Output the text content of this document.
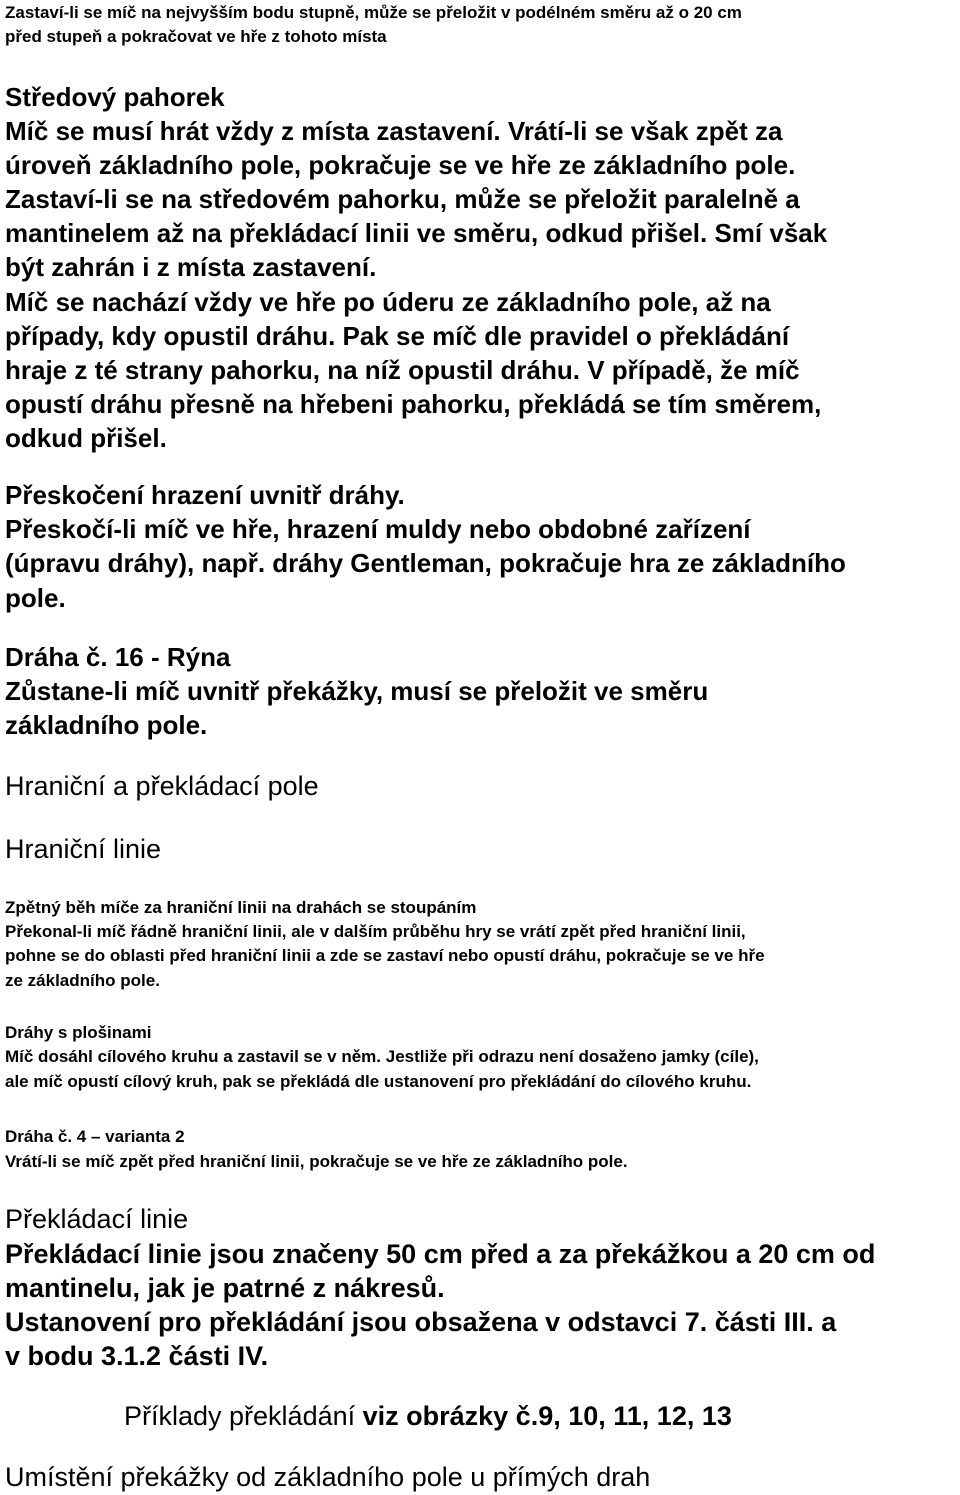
Zastaví-li se míč na nejvyšším bodu stupně, může se přeložit v podélném směru až o 20 cm
před stupeň a pokračovat ve hře z tohoto místa
Středový pahorek
Míč se musí hrát vždy z místa zastavení. Vrátí-li se však zpět za
úroveň základního pole, pokračuje se ve hře ze základního pole.
Zastaví-li se na středovém pahorku, může se přeložit paralelně a
mantinelem až na překládací linii ve směru, odkud přišel. Smí však
být zahrán i z místa zastavení.
Míč se nachází vždy ve hře po úderu ze základního pole, až na
případy, kdy opustil dráhu. Pak se míč dle pravidel o překládání
hraje z té strany pahorku, na níž opustil dráhu. V případě, že míč
opustí dráhu přesně na hřebeni pahorku, překládá se tím směrem,
odkud přišel.
Přeskočení hrazení uvnitř dráhy.
Přeskočí-li míč ve hře, hrazení muldy nebo obdobné zařízení
(úpravu dráhy), např. dráhy Gentleman, pokračuje hra ze základního
pole.
Dráha č. 16 - Rýna
Zůstane-li míč uvnitř překážky, musí se přeložit ve směru
základního pole.
Hraniční a překládací pole
Hraniční linie
Zpětný běh míče za hraniční linii na drahách se stoupáním
Překonal-li míč řádně hraniční linii, ale v dalším průběhu hry se vrátí zpět před hraniční linii,
pohne se do oblasti před hraniční linii a zde se zastaví nebo opustí dráhu, pokračuje se ve hře
ze základního pole.
Dráhy s plošinami
Míč dosáhl cílového kruhu a zastavil se v něm. Jestliže při odrazu není dosaženo jamky (cíle),
ale míč opustí cílový kruh, pak se překládá dle ustanovení pro překládání do cílového kruhu.
Dráha č. 4 – varianta 2
Vrátí-li se míč zpět před hraniční linii, pokračuje se ve hře ze základního pole.
Překládací linie
Překládací linie jsou značeny 50 cm před a za překážkou a 20 cm od
mantinelu, jak je patrné z nákresů.
Ustanovení pro překládání jsou obsažena v odstavci 7. části III. a
v bodu 3.1.2 části IV.
Příklady překládání viz obrázky č.9, 10, 11, 12, 13
Umístění překážky od základního pole u přímých drah
